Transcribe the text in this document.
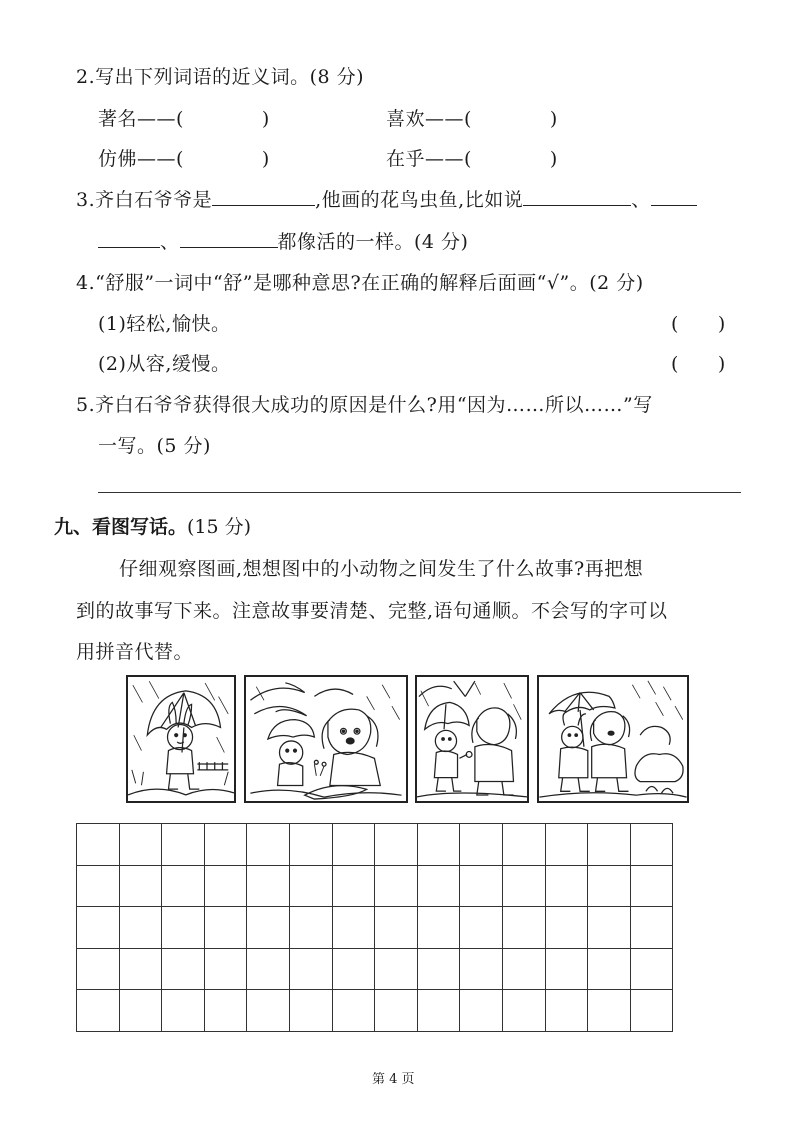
2.写出下列词语的近义词。(8 分)
著名——(　　　　)	喜欢——(　　　　)
仿佛——(　　　　)	在乎——(　　　　)
3.齐白石爷爷是	,他画的花鸟虫鱼,比如说	、
、	都像活的一样。(4 分)
4.“舒服”一词中“舒”是哪种意思?在正确的解释后面画“√”。(2 分)
(1)轻松,愉快。	(　　)
(2)从容,缓慢。	(　　)
5.齐白石爷爷获得很大成功的原因是什么?用“因为……所以……”写
一写。(5 分)
九、看图写话。(15 分)
仔细观察图画,想想图中的小动物之间发生了什么故事?再把想
到的故事写下来。注意故事要清楚、完整,语句通顺。不会写的字可以
用拼音代替。

第 4 页
